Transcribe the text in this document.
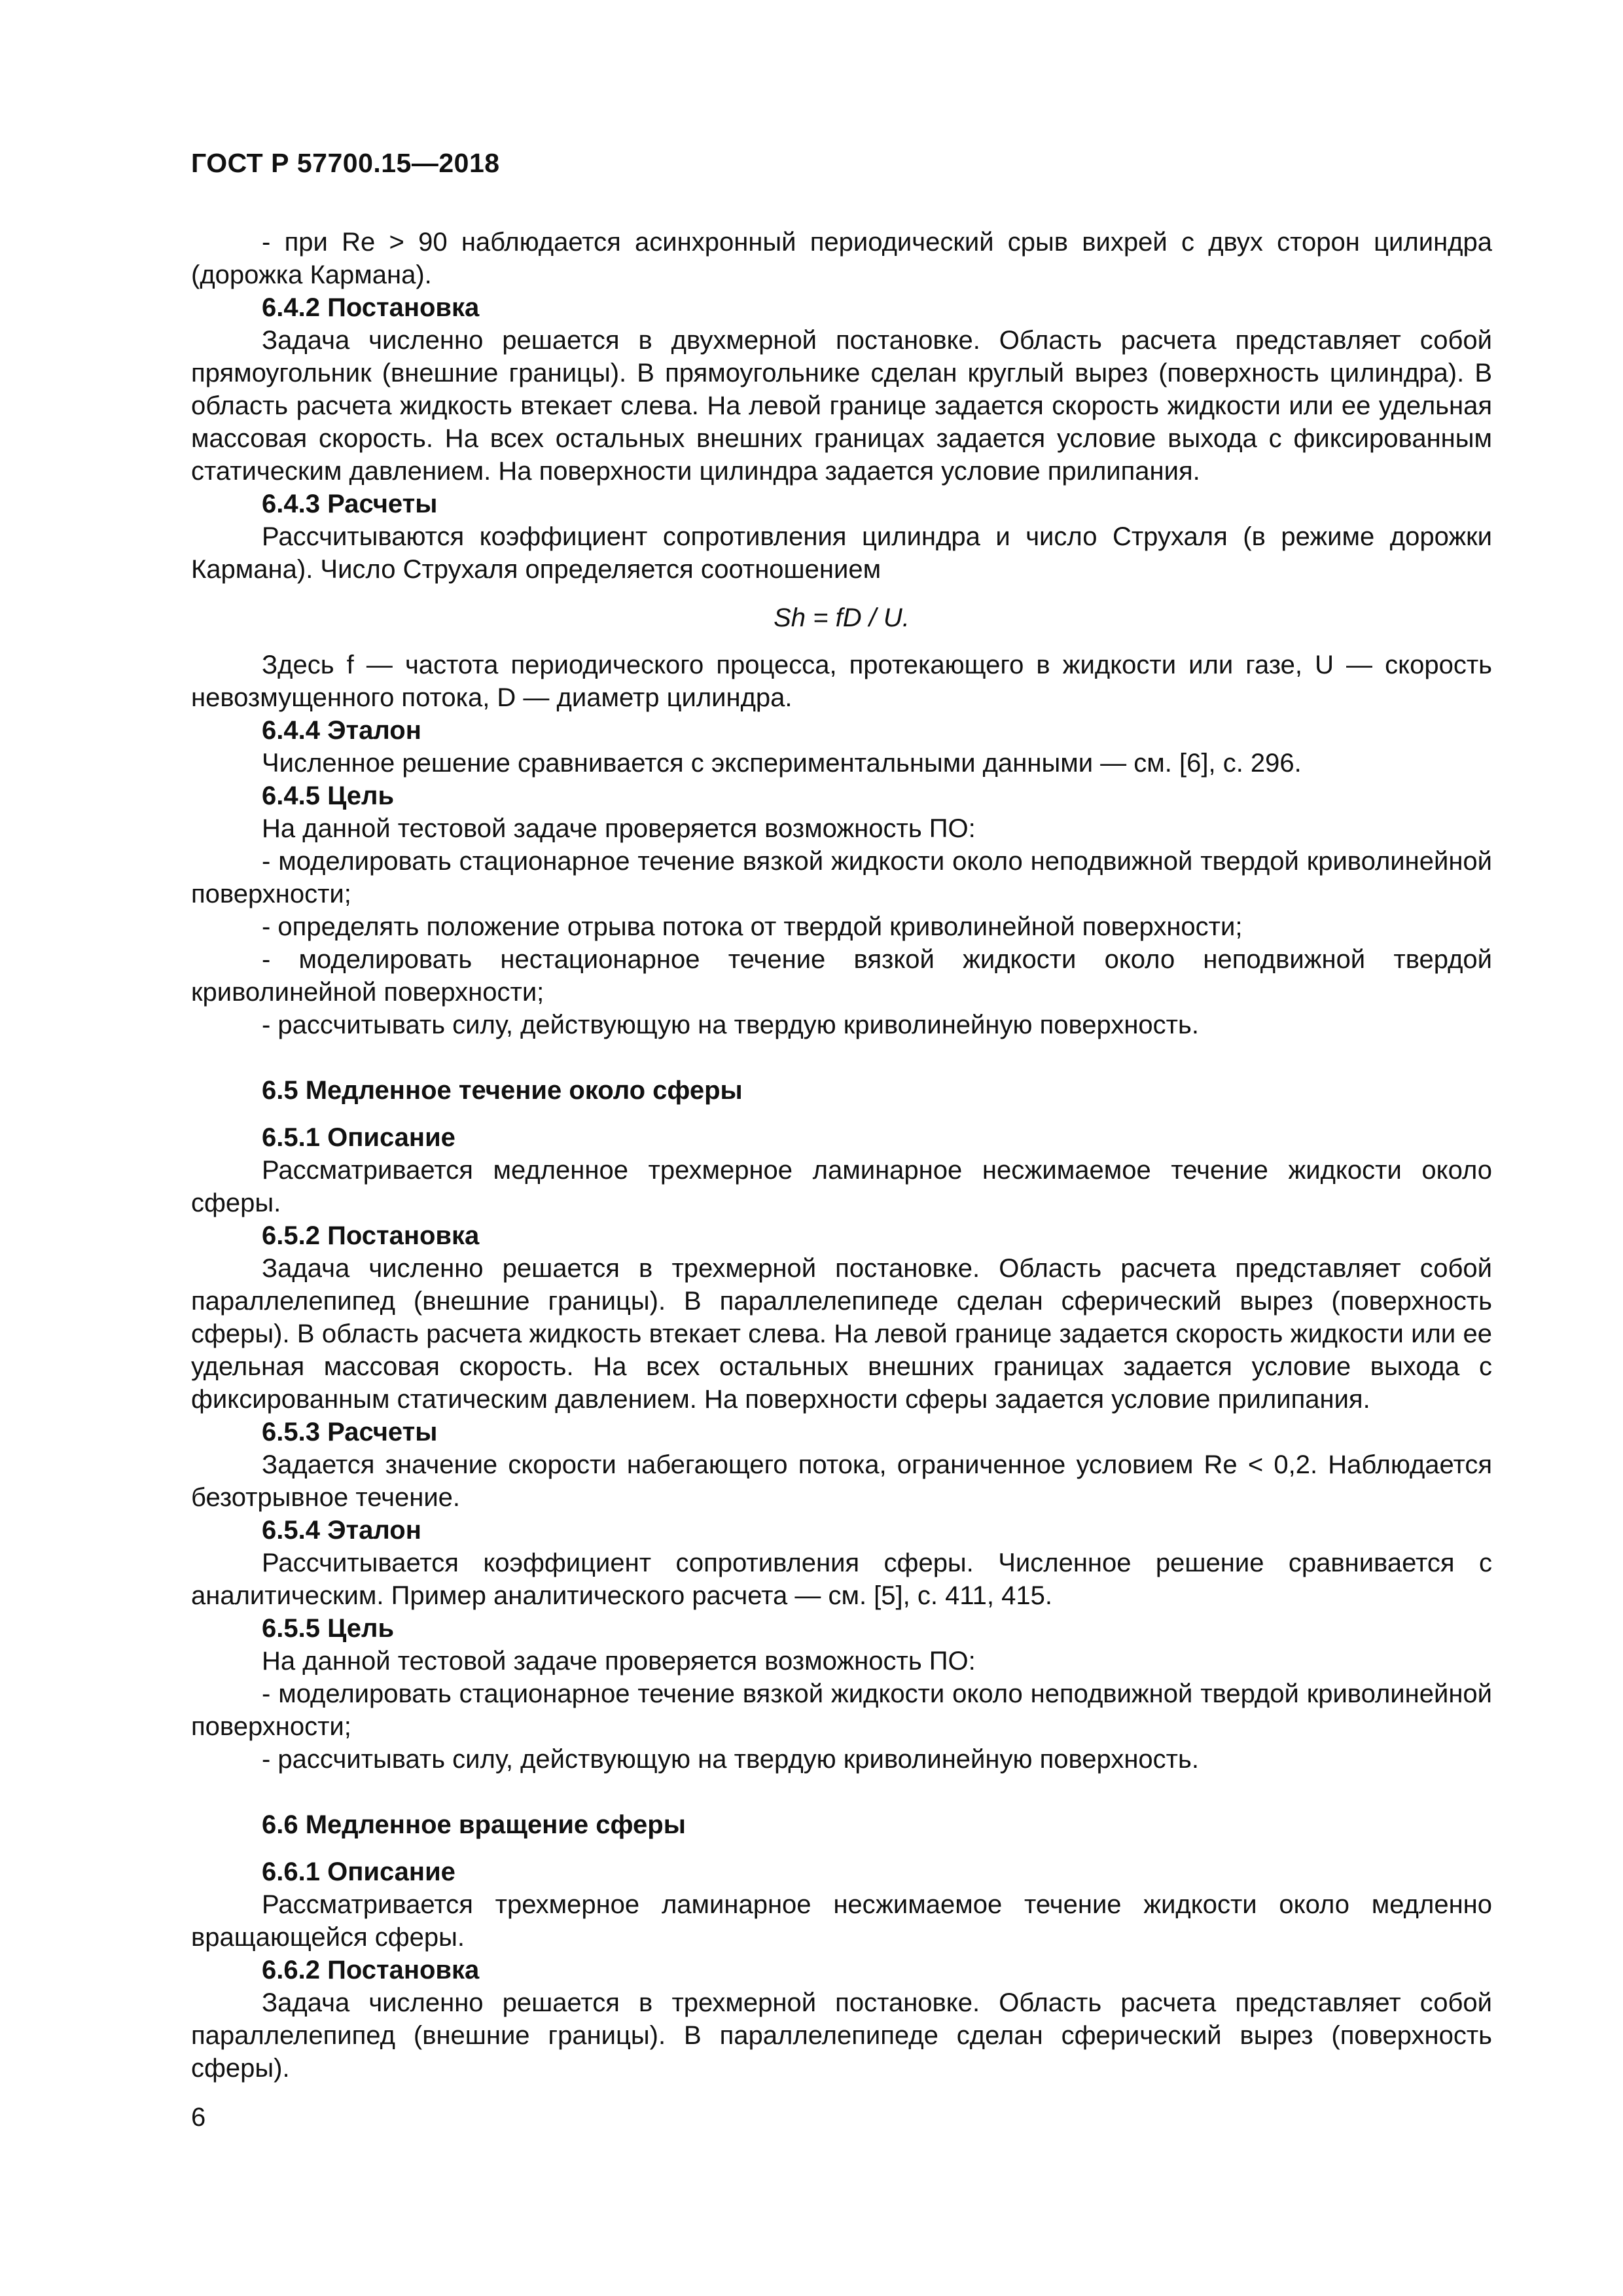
ГОСТ Р 57700.15—2018

- при Re > 90 наблюдается асинхронный периодический срыв вихрей с двух сторон цилиндра (дорожка Кармана).

6.4.2 Постановка

Задача численно решается в двухмерной постановке. Область расчета представляет собой прямоугольник (внешние границы). В прямоугольнике сделан круглый вырез (поверхность цилиндра). В область расчета жидкость втекает слева. На левой границе задается скорость жидкости или ее удельная массовая скорость. На всех остальных внешних границах задается условие выхода с фиксированным статическим давлением. На поверхности цилиндра задается условие прилипания.

6.4.3 Расчеты

Рассчитываются коэффициент сопротивления цилиндра и число Струхаля (в режиме дорожки Кармана). Число Струхаля определяется соотношением

Sh = fD / U.

Здесь f — частота периодического процесса, протекающего в жидкости или газе, U — скорость невозмущенного потока, D — диаметр цилиндра.

6.4.4 Эталон

Численное решение сравнивается с экспериментальными данными — см. [6], с. 296.

6.4.5 Цель

На данной тестовой задаче проверяется возможность ПО:

- моделировать стационарное течение вязкой жидкости около неподвижной твердой криволинейной поверхности;

- определять положение отрыва потока от твердой криволинейной поверхности;

- моделировать нестационарное течение вязкой жидкости около неподвижной твердой криволинейной поверхности;

- рассчитывать силу, действующую на твердую криволинейную поверхность.

6.5 Медленное течение около сферы

6.5.1 Описание

Рассматривается медленное трехмерное ламинарное несжимаемое течение жидкости около сферы.

6.5.2 Постановка

Задача численно решается в трехмерной постановке. Область расчета представляет собой параллелепипед (внешние границы). В параллелепипеде сделан сферический вырез (поверхность сферы). В область расчета жидкость втекает слева. На левой границе задается скорость жидкости или ее удельная массовая скорость. На всех остальных внешних границах задается условие выхода с фиксированным статическим давлением. На поверхности сферы задается условие прилипания.

6.5.3 Расчеты

Задается значение скорости набегающего потока, ограниченное условием Re < 0,2. Наблюдается безотрывное течение.

6.5.4 Эталон

Рассчитывается коэффициент сопротивления сферы. Численное решение сравнивается с аналитическим. Пример аналитического расчета — см. [5], с. 411, 415.

6.5.5 Цель

На данной тестовой задаче проверяется возможность ПО:

- моделировать стационарное течение вязкой жидкости около неподвижной твердой криволинейной поверхности;

- рассчитывать силу, действующую на твердую криволинейную поверхность.

6.6 Медленное вращение сферы

6.6.1 Описание

Рассматривается трехмерное ламинарное несжимаемое течение жидкости около медленно вращающейся сферы.

6.6.2 Постановка

Задача численно решается в трехмерной постановке. Область расчета представляет собой параллелепипед (внешние границы). В параллелепипеде сделан сферический вырез (поверхность сферы).

6
